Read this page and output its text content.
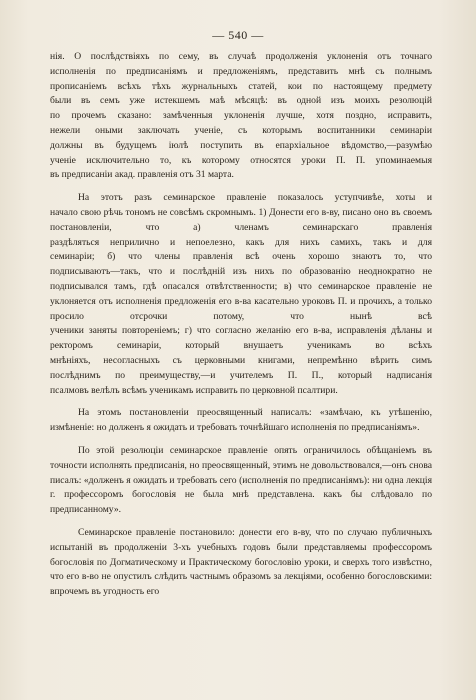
— 540 —
нія. О послѣдствіяхъ по сему, въ случаѣ продолженія уклоненія отъ точнаго
исполненія по предписаніямъ и предложеніямъ, представить мнѣ съ полнымъ
прописаніемъ всѣхъ тѣхъ журнальныхъ статей, кои по настоящему предмету
были въ семъ уже истекшемъ маѣ мѣсяцѣ: въ одной изъ моихъ резолюцій
по прочемъ сказано: замѣченныя уклоненія лучше, хотя поздно, исправить,
нежели оными заключать ученіе, съ которымъ воспитанники семинаріи
должны въ будущемъ іюлѣ поступить въ епархіальное вѣдомство,—разумѣю
ученіе исключительно то, къ которому относятся уроки П. П. упоминаемыя
въ предписаніи акад. правленія отъ 31 марта.
На этотъ разъ семинарское правленіе показалось уступчивѣе, хоты и
начало свою рѣчь тономъ не совсѣмъ скромнымъ. 1) Донести его в-ву, писано оно въ своемъ постановленіи, что а) членамъ семинарскаго правленія
раздѣляться неприлично и непоелезно, какъ для нихъ самихъ, такъ и для
семинаріи; б) что члены правленія всѣ очень хорошо знаютъ то, что
подписываютъ—такъ, что и послѣдній изъ нихъ по образованію неоднократно не подписывался тамъ, гдѣ опасался отвѣтственности; в) что семинарское правленіе не уклоняется отъ исполненія предложенія его в-ва касательно уроковъ П. и прочихъ, а только просило отсрочки потому, что нынѣ всѣ
ученики заняты повтореніемъ; г) что согласно желанію его в-ва, исправленія дѣланы и ректоромъ семинаріи, который внушаетъ ученикамъ во всѣхъ
мнѣніяхъ, несогласныхъ съ церковными книгами, непремѣнно вѣрить симъ
послѣднимъ по преимуществу,—и учителемъ П. П., который надписанія
псалмовъ велѣлъ всѣмъ ученикамъ исправить по церковной псалтири.
На этомъ постановленіи преосвященный написалъ: «замѣчаю, къ утѣшенію, измѣненіе: но долженъ я ожидать и требовать точнѣйшаго исполненія по предписаніямъ».
По этой резолюціи семинарское правленіе опять ограничилось обѣщаніемъ въ точности исполнять предписанія, но преосвященный, этимъ не довольствовался,—онъ снова писалъ: «долженъ я ожидать и требовать сего (исполненія по предписаніямъ): ни одна лекція г. профессоромъ богословія не была мнѣ представлена. какъ бы слѣдовало по предписанному».
Семинарское правленіе постановило: донести его в-ву, что по случаю публичныхъ испытаній въ продолженіи 3-хъ учебныхъ годовъ были представляемы профессоромъ богословія по Догматическому и Практическому богословію уроки, и сверхъ того извѣстно, что его в-во не опустилъ слѣдить частнымъ образомъ за лекціями, особенно богословскими: впрочемъ въ угодность его
